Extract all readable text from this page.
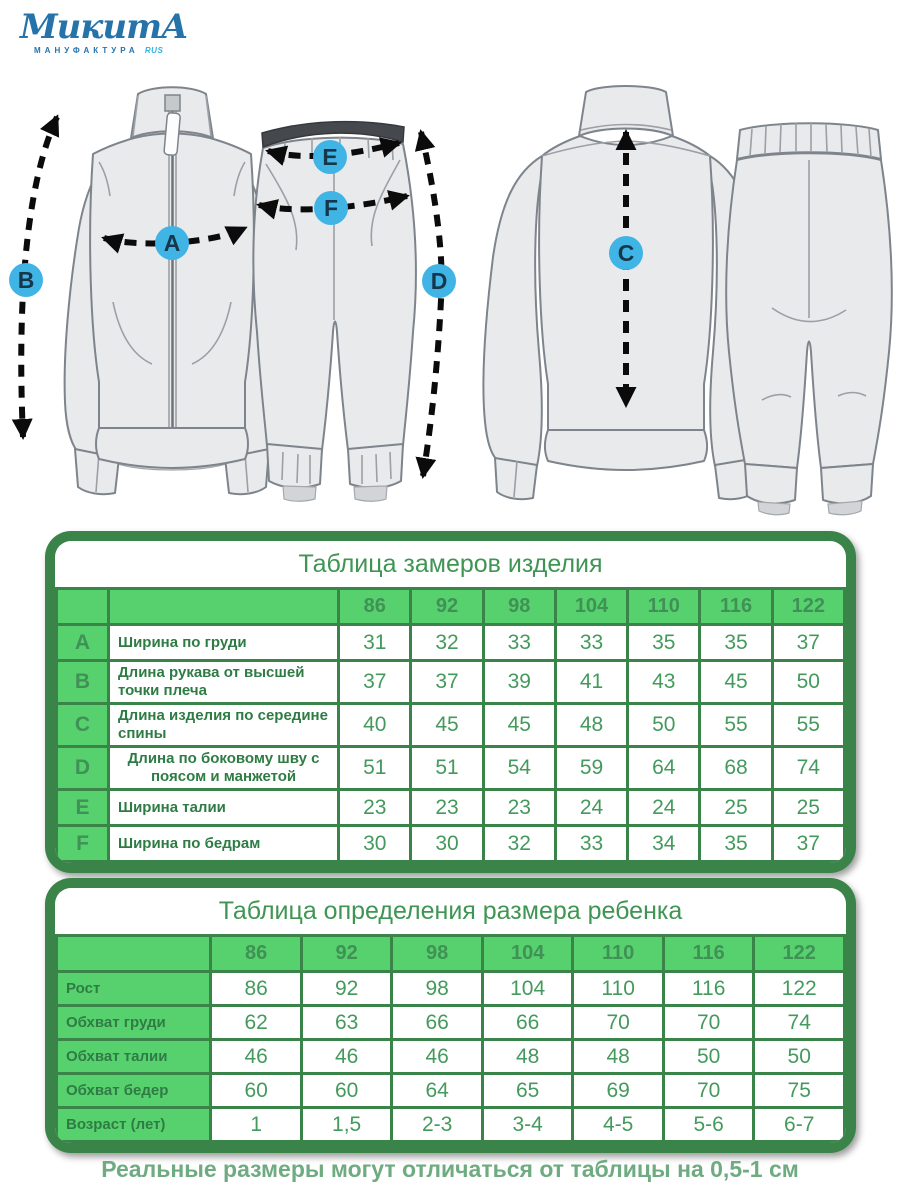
МикитА
МАНУФАКТУРА RUS
A
B
C
D
E
F
Таблица замеров изделия
		86	92	98	104	110	116	122
A	Ширина по груди	31	32	33	33	35	35	37
B	Длина рукава от высшей точки плеча	37	37	39	41	43	45	50
C	Длина изделия по середине спины	40	45	45	48	50	55	55
D	Длина по боковому шву с поясом и манжетой	51	51	54	59	64	68	74
E	Ширина талии	23	23	23	24	24	25	25
F	Ширина по бедрам	30	30	32	33	34	35	37
Таблица определения размера ребенка
	86	92	98	104	110	116	122
Рост	86	92	98	104	110	116	122
Обхват груди	62	63	66	66	70	70	74
Обхват талии	46	46	46	48	48	50	50
Обхват бедер	60	60	64	65	69	70	75
Возраст (лет)	1	1,5	2-3	3-4	4-5	5-6	6-7
Реальные размеры могут отличаться от таблицы на 0,5-1 см
